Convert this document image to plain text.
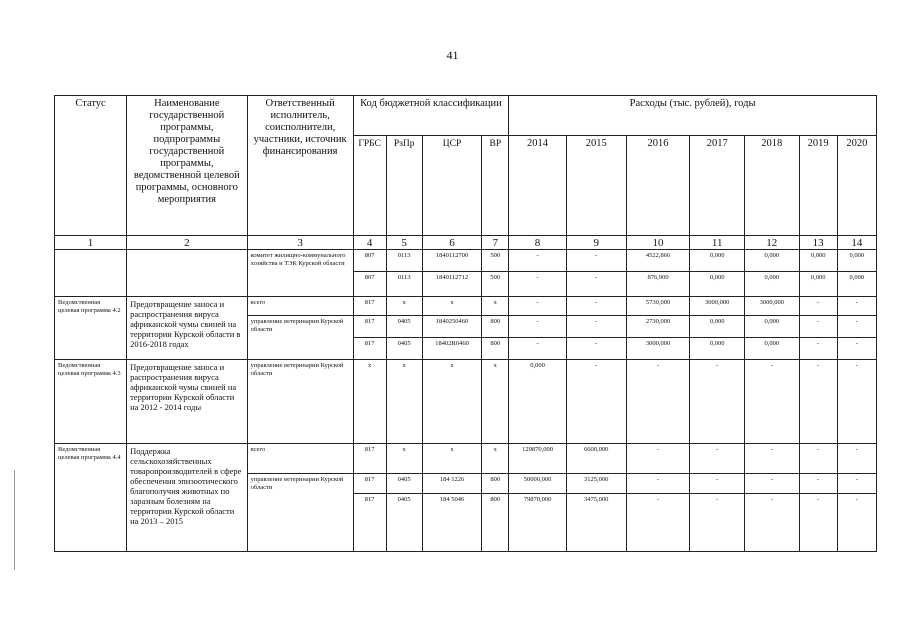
41
Статус	Наименование государственной программы, подпрограммы государственной программы, ведомственной целевой программы, основного мероприятия	Ответственный исполнитель, соисполнители, участники, источник финансирования	Код бюджетной классификации				Расходы (тыс. рублей), годы						
			ГРБС	РзПр	ЦСР	ВР	2014	2015	2016	2017	2018	2019	2020
1	2	3	4	5	6	7	8	9	10	11	12	13	14
		комитет жилищно-коммунального хозяйства и ТЭК Курской области	807	0113	1840112700	500	-	-	4522,866	0,000	0,000	0,000	0,000
			807	0113	1840112712	500	-	-	876,900	0,000	0,000	0,000	0,000
Ведомственная целевая программа 4.2	Предотвращение заноса и распространения вируса африканской чумы свиней на территории Курской области в 2016-2018 годах	всего	817	x	x	x	-	-	5730,000	3000,000	3000,000	-	-
		управление ветеринарии Курской области	817	0405	1840250460	800	-	-	2730,000	0,000	0,000	-	-
			817	0405	18402R0460	800	-	-	3000,000	0,000	0,000	-	-
Ведомственная целевая программа 4.3	Предотвращение заноса и распространения вируса африканской чумы свиней на территории Курской области на 2012 - 2014 годы	управление ветеринарии Курской области	x	x	x	x	0,000	-	-	-	-	-	-
Ведомственная целевая программа 4.4	Поддержка сельскохозяйственных товаропроизводителей в сфере обеспечения эпизоотического благополучия животных по заразным болезням на территории Курской области на 2013 – 2015	всего	817	x	x	x	129870,000	6600,000	-	-	-	-	-
		управление ветеринарии Курской области	817	0405	184 1226	800	50000,000	3125,000	-	-	-	-	-
			817	0405	184 5046	800	79870,000	3475,000	-	-	-	-	-
